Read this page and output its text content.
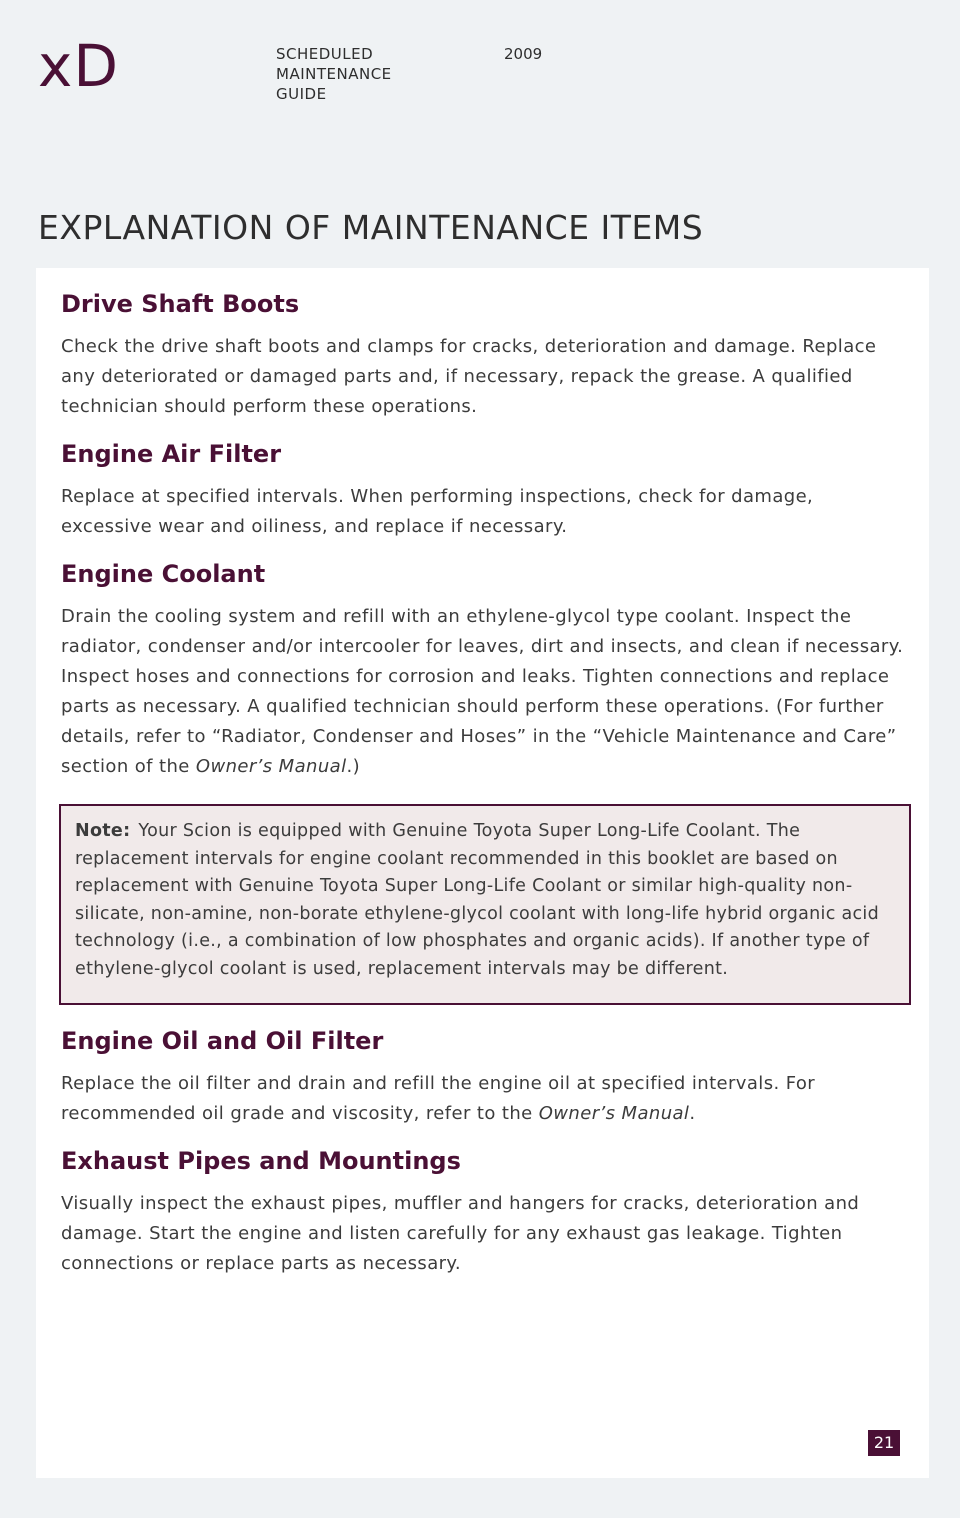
xD	SCHEDULED
MAINTENANCE
GUIDE
2009
EXPLANATION OF MAINTENANCE ITEMS
Drive Shaft Boots

Check the drive shaft boots and clamps for cracks, deterioration and damage. Replace any deteriorated or damaged parts and, if necessary, repack the grease. A qualified technician should perform these operations.

Engine Air Filter

Replace at specified intervals. When performing inspections, check for damage, excessive wear and oiliness, and replace if necessary.

Engine Coolant

Drain the cooling system and refill with an ethylene-glycol type coolant. Inspect the radiator, condenser and/or intercooler for leaves, dirt and insects, and clean if necessary. Inspect hoses and connections for corrosion and leaks. Tighten connections and replace parts as necessary. A qualified technician should perform these operations. (For further details, refer to “Radiator, Condenser and Hoses” in the “Vehicle Maintenance and Care” section of the Owner’s Manual.)

Note: Your Scion is equipped with Genuine Toyota Super Long-Life Coolant. The replacement intervals for engine coolant recommended in this booklet are based on replacement with Genuine Toyota Super Long-Life Coolant or similar high-quality non-silicate, non-amine, non-borate ethylene-glycol coolant with long-life hybrid organic acid technology (i.e., a combination of low phosphates and organic acids). If another type of ethylene-glycol coolant is used, replacement intervals may be different.
Engine Oil and Oil Filter

Replace the oil filter and drain and refill the engine oil at specified intervals. For recommended oil grade and viscosity, refer to the Owner’s Manual.

Exhaust Pipes and Mountings

Visually inspect the exhaust pipes, muffler and hangers for cracks, deterioration and damage. Start the engine and listen carefully for any exhaust gas leakage. Tighten connections or replace parts as necessary.

21
